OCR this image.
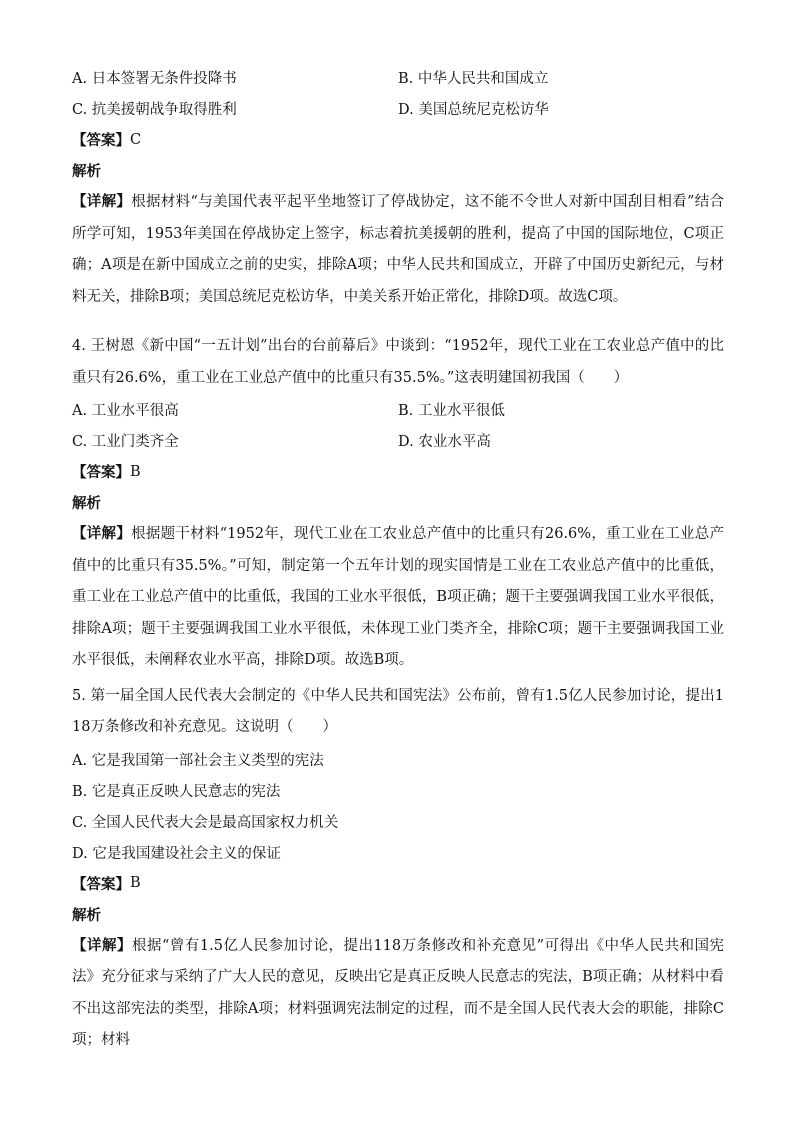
A. 日本签署无条件投降书	B. 中华人民共和国成立
C. 抗美援朝战争取得胜利	D. 美国总统尼克松访华
【答案】 C
解析
【详解】根据材料“与美国代表平起平坐地签订了停战协定，这不能不令世人对新中国刮目相看”结合所学可知，1953年美国在停战协定上签字，标志着抗美援朝的胜利，提高了中国的国际地位，C项正确；A项是在新中国成立之前的史实，排除A项；中华人民共和国成立，开辟了中国历史新纪元，与材料无关，排除B项；美国总统尼克松访华，中美关系开始正常化，排除D项。故选C项。
4. 王树恩《新中国“一五计划”出台的台前幕后》中谈到：“1952年，现代工业在工农业总产值中的比重只有26.6%，重工业在工业总产值中的比重只有35.5%。”这表明建国初我国（　　）
A. 工业水平很高	B. 工业水平很低
C. 工业门类齐全	D. 农业水平高
【答案】 B
解析
【详解】根据题干材料“1952年，现代工业在工农业总产值中的比重只有26.6%，重工业在工业总产值中的比重只有35.5%。”可知，制定第一个五年计划的现实国情是工业在工农业总产值中的比重低，重工业在工业总产值中的比重低，我国的工业水平很低，B项正确；题干主要强调我国工业水平很低，排除A项；题干主要强调我国工业水平很低，未体现工业门类齐全，排除C项；题干主要强调我国工业水平很低，未阐释农业水平高，排除D项。故选B项。
5. 第一届全国人民代表大会制定的《中华人民共和国宪法》公布前，曾有1.5亿人民参加讨论，提出118万条修改和补充意见。这说明（　　）
A. 它是我国第一部社会主义类型的宪法
B. 它是真正反映人民意志的宪法
C. 全国人民代表大会是最高国家权力机关
D. 它是我国建设社会主义的保证
【答案】 B
解析
【详解】根据“曾有1.5亿人民参加讨论，提出118万条修改和补充意见”可得出《中华人民共和国宪法》充分征求与采纳了广大人民的意见，反映出它是真正反映人民意志的宪法，B项正确；从材料中看不出这部宪法的类型，排除A项；材料强调宪法制定的过程，而不是全国人民代表大会的职能，排除C项；材料
